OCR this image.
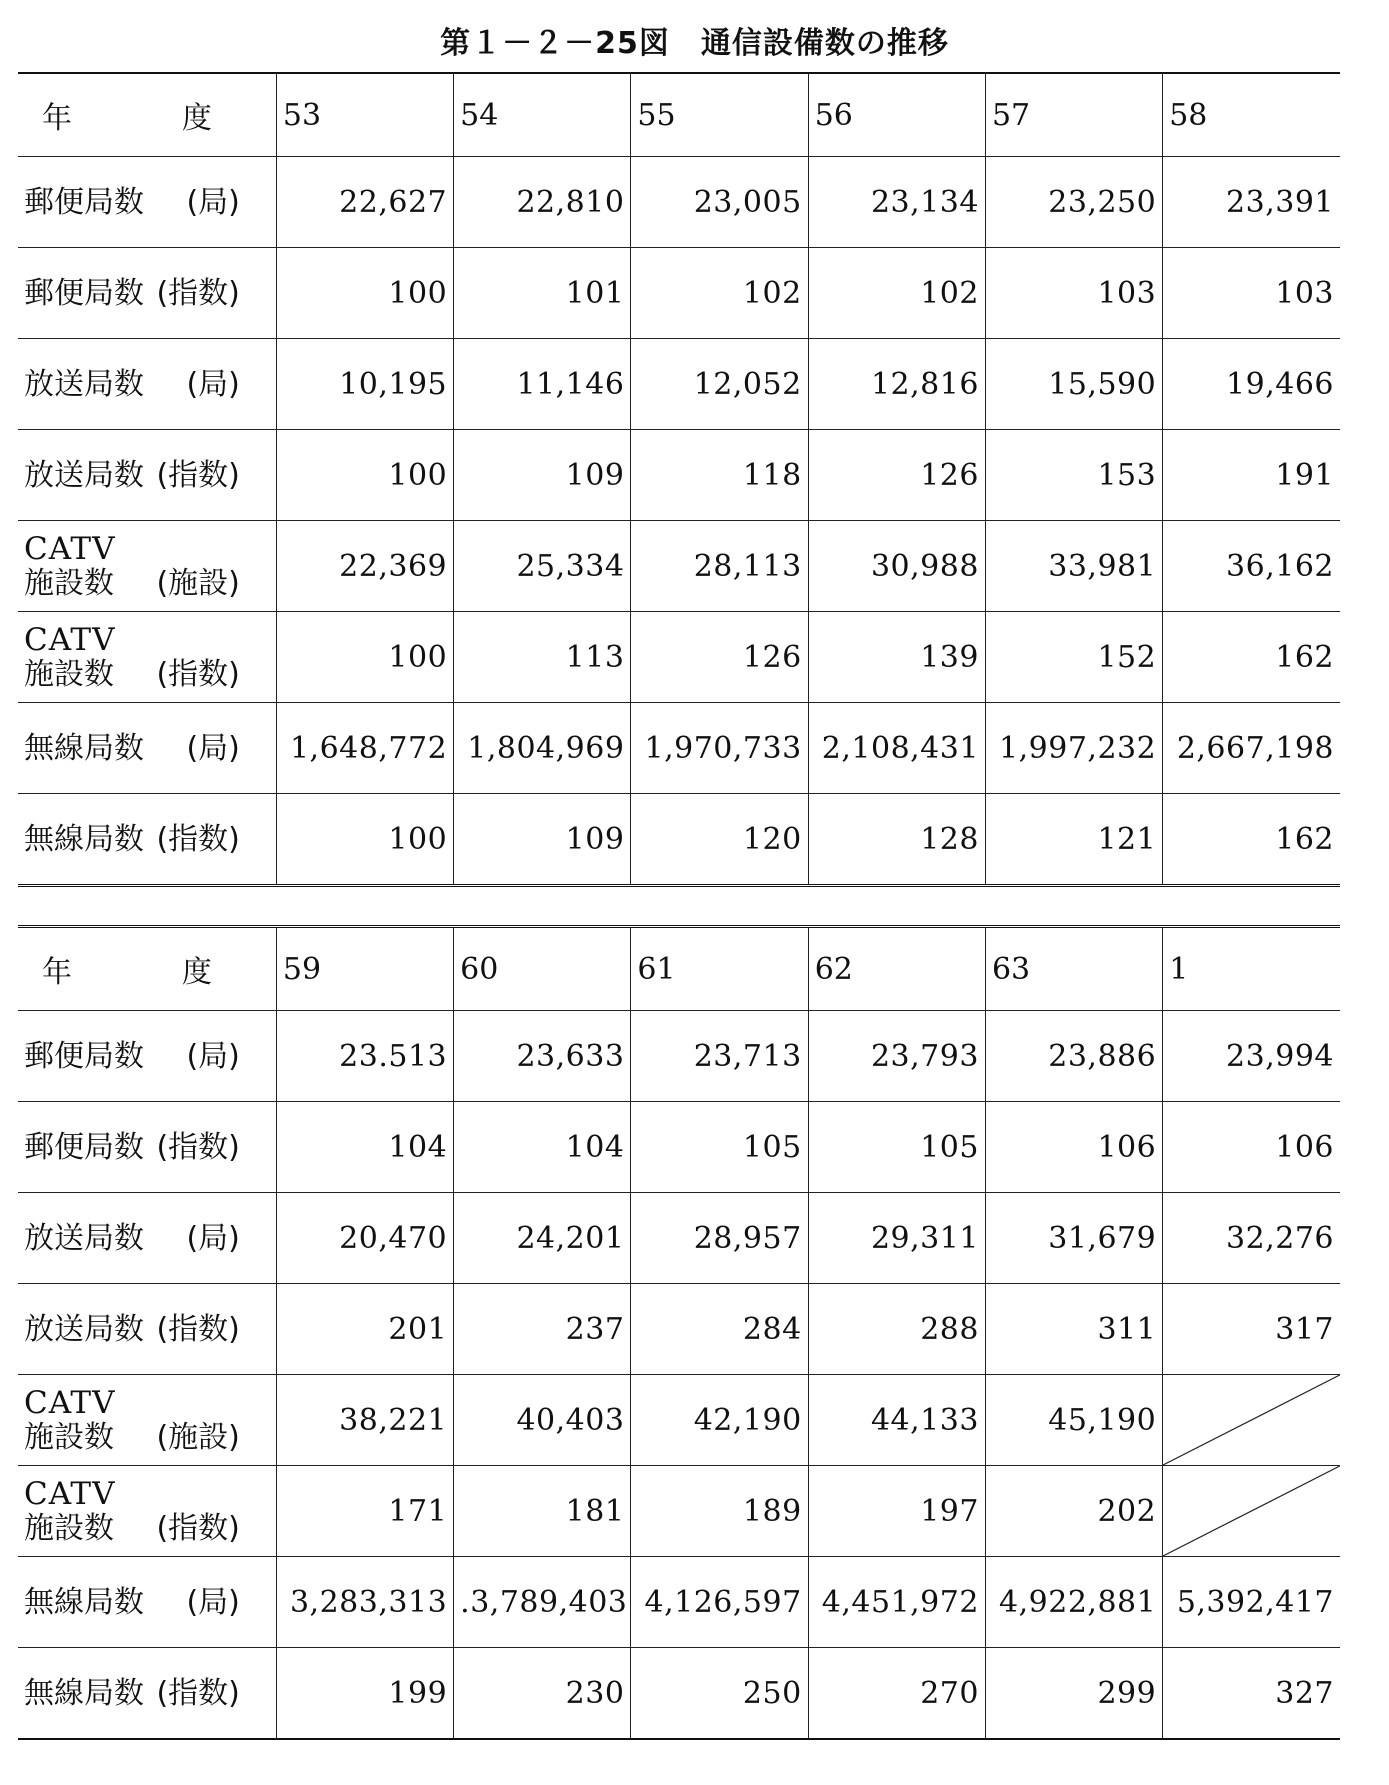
第１－２－25図　通信設備数の推移
年　度	53	54	55	56	57	58

郵便局数 (局)	22,627	22,810	23,005	23,134	23,250	23,391

郵便局数 (指数)	100	101	102	102	103	103

放送局数 (局)	10,195	11,146	12,052	12,816	15,590	19,466

放送局数 (指数)	100	109	118	126	153	191

CATV
施設数 (施設)	22,369	25,334	28,113	30,988	33,981	36,162

CATV
施設数 (指数)	100	113	126	139	152	162

無線局数 (局)	1,648,772	1,804,969	1,970,733	2,108,431	1,997,232	2,667,198

無線局数 (指数)	100	109	120	128	121	162
年　度	59	60	61	62	63	1

郵便局数 (局)	23.513	23,633	23,713	23,793	23,886	23,994

郵便局数 (指数)	104	104	105	105	106	106

放送局数 (局)	20,470	24,201	28,957	29,311	31,679	32,276

放送局数 (指数)	201	237	284	288	311	317

CATV
施設数 (施設)	38,221	40,403	42,190	44,133	45,190	

CATV
施設数 (指数)	171	181	189	197	202	

無線局数 (局)	3,283,313	.3,789,403	4,126,597	4,451,972	4,922,881	5,392,417

無線局数 (指数)	199	230	250	270	299	327
